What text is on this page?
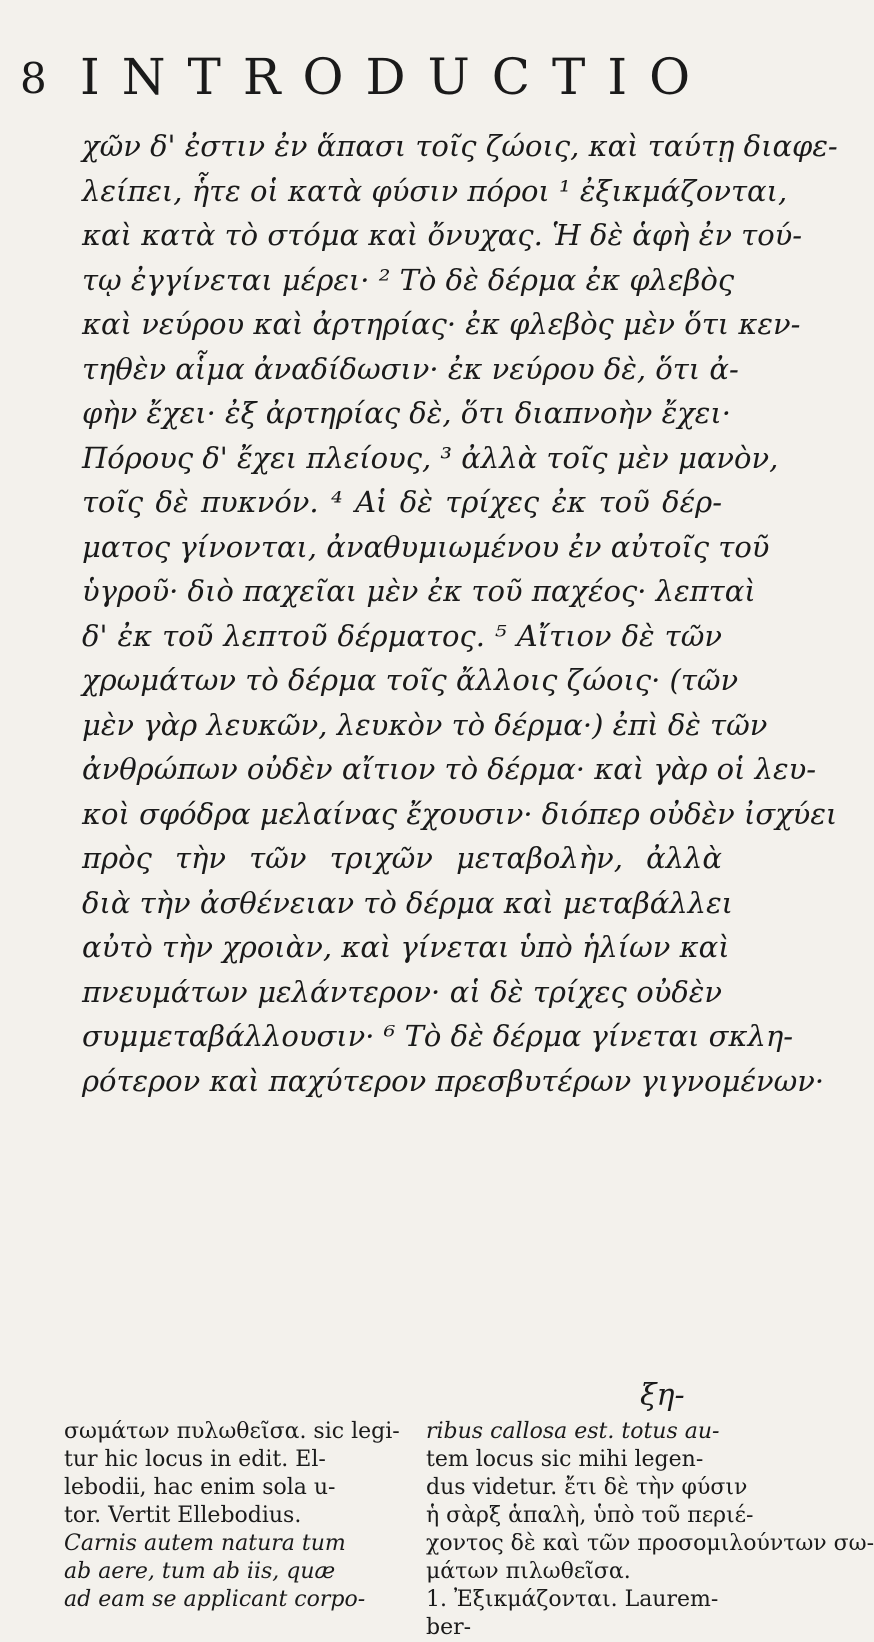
8 INTRODUCTIO
χῶν δ' ἐστιν ἐν ἅπασι τοῖς ζώοις, καὶ ταύτῃ διαφε-
λείπει, ἧτε οἱ κατὰ φύσιν πόροι ¹ ἐξικμάζονται,
καὶ κατὰ τὸ στόμα καὶ ὄνυχας. Ἡ δὲ ἁφὴ ἐν τού-
τῳ ἐγγίνεται μέρει· ² Τὸ δὲ δέρμα ἐκ φλεβὸς
καὶ νεύρου καὶ ἀρτηρίας· ἐκ φλεβὸς μὲν ὅτι κεν-
τηθὲν αἷμα ἀναδίδωσιν· ἐκ νεύρου δὲ, ὅτι ἀ-
φὴν ἔχει· ἐξ ἀρτηρίας δὲ, ὅτι διαπνοὴν ἔχει·
Πόρους δ' ἔχει πλείους, ³ ἀλλὰ τοῖς μὲν μανὸν,
τοῖς δὲ πυκνόν. ⁴ Αἱ δὲ τρίχες ἐκ τοῦ δέρ-
ματος γίνονται, ἀναθυμιωμένου ἐν αὐτοῖς τοῦ
ὑγροῦ· διὸ παχεῖαι μὲν ἐκ τοῦ παχέος· λεπταὶ
δ' ἐκ τοῦ λεπτοῦ δέρματος. ⁵ Αἴτιον δὲ τῶν
χρωμάτων τὸ δέρμα τοῖς ἄλλοις ζώοις· (τῶν
μὲν γὰρ λευκῶν, λευκὸν τὸ δέρμα·) ἐπὶ δὲ τῶν
ἀνθρώπων οὐδὲν αἴτιον τὸ δέρμα· καὶ γὰρ οἱ λευ-
κοὶ σφόδρα μελαίνας ἔχουσιν· διόπερ οὐδὲν ἰσχύει
πρὸς τὴν τῶν τριχῶν μεταβολὴν, ἀλλὰ
διὰ τὴν ἀσθένειαν τὸ δέρμα καὶ μεταβάλλει
αὐτὸ τὴν χροιὰν, καὶ γίνεται ὑπὸ ἡλίων καὶ
πνευμάτων μελάντερον· αἱ δὲ τρίχες οὐδὲν
συμμεταβάλλουσιν· ⁶ Τὸ δὲ δέρμα γίνεται σκλη-
ρότερον καὶ παχύτερον πρεσβυτέρων γιγνομένων·
ξη-
σωμάτων πυλωθεῖσα. sic legi-
tur hic locus in edit. El-
lebodii, hac enim sola u-
tor. Vertit Ellebodius.
Carnis autem natura tum
ab aere, tum ab iis, quæ
ad eam se applicant corpo-
ribus callosa est. totus au-
tem locus sic mihi legen-
dus videtur. ἔτι δὲ τὴν φύσιν
ἡ σὰρξ ἁπαλὴ, ὑπὸ τοῦ περιέ-
χοντος δὲ καὶ τῶν προσομιλούντων σω-
μάτων πιλωθεῖσα.
1. Ἐξικμάζονται. Laurem-
ber-
